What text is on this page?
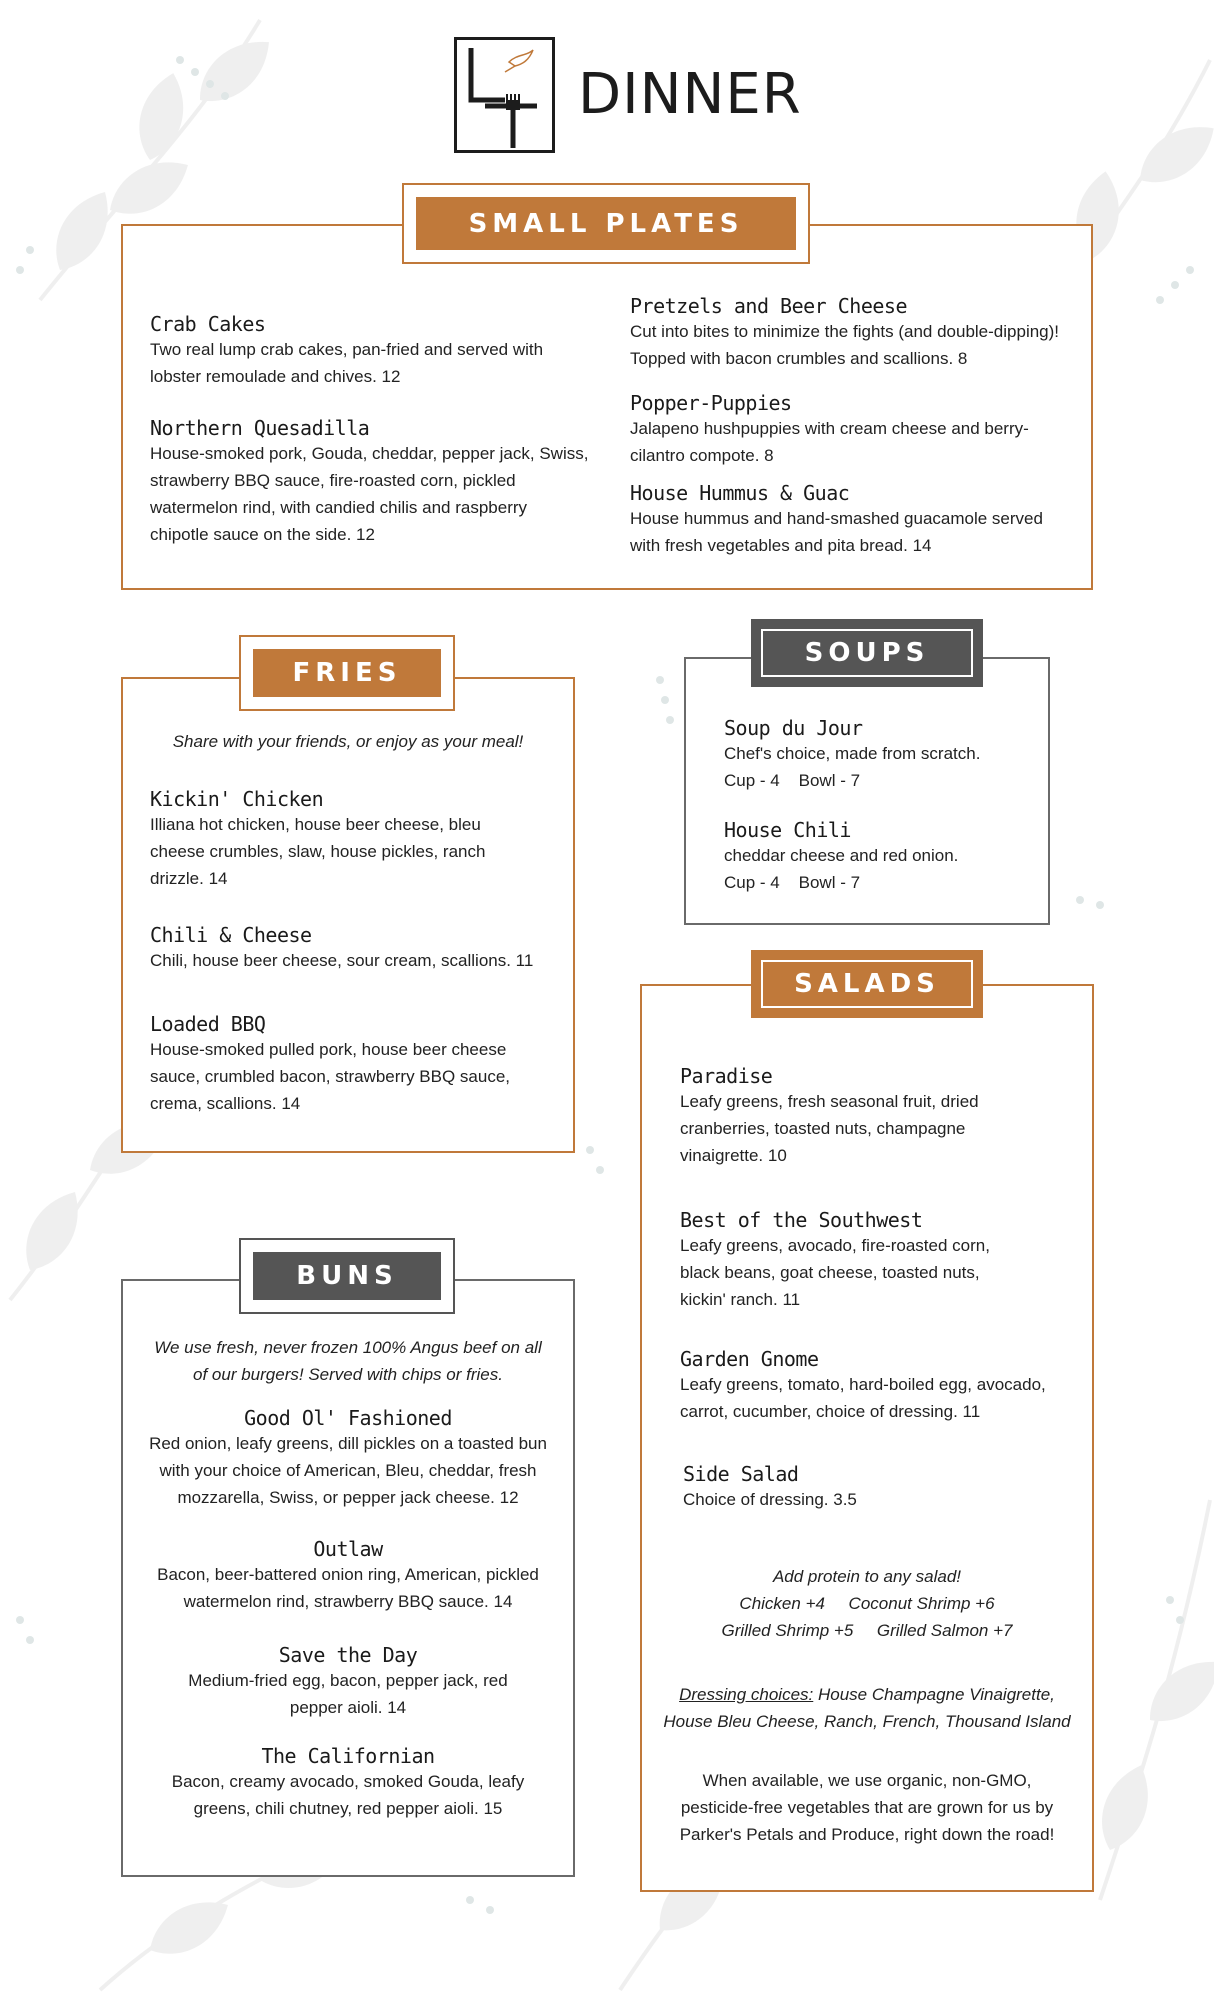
DINNER
SMALL PLATES
Crab Cakes
Two real lump crab cakes, pan-fried and served with lobster remoulade and chives. 12
Northern Quesadilla
House-smoked pork, Gouda, cheddar, pepper jack, Swiss, strawberry BBQ sauce, fire-roasted corn, pickled watermelon rind, with candied chilis and raspberry chipotle sauce on the side. 12
Pretzels and Beer Cheese
Cut into bites to minimize the fights (and double-dipping)! Topped with bacon crumbles and scallions. 8
Popper-Puppies
Jalapeno hushpuppies with cream cheese and berry-cilantro compote. 8
House Hummus & Guac
House hummus and hand-smashed guacamole served with fresh vegetables and pita bread. 14
FRIES
Share with your friends, or enjoy as your meal!
Kickin' Chicken
Illiana hot chicken, house beer cheese, bleu cheese crumbles, slaw, house pickles, ranch drizzle. 14
Chili & Cheese
Chili, house beer cheese, sour cream, scallions. 11
Loaded BBQ
House-smoked pulled pork, house beer cheese sauce, crumbled bacon, strawberry BBQ sauce, crema, scallions. 14
SOUPS
Soup du Jour
Chef's choice, made from scratch.
Cup - 4    Bowl - 7
House Chili
cheddar cheese and red onion.
Cup - 4    Bowl - 7
SALADS
Paradise
Leafy greens, fresh seasonal fruit, dried cranberries, toasted nuts, champagne vinaigrette. 10
Best of the Southwest
Leafy greens, avocado, fire-roasted corn, black beans, goat cheese, toasted nuts, kickin' ranch. 11
Garden Gnome
Leafy greens, tomato, hard-boiled egg, avocado, carrot, cucumber, choice of dressing. 11
Side Salad
Choice of dressing. 3.5
Add protein to any salad!
Chicken +4     Coconut Shrimp +6
Grilled Shrimp +5     Grilled Salmon +7
Dressing choices: House Champagne Vinaigrette, House Bleu Cheese, Ranch, French, Thousand Island
When available, we use organic, non-GMO, pesticide-free vegetables that are grown for us by Parker's Petals and Produce, right down the road!
BUNS
We use fresh, never frozen 100% Angus beef on all of our burgers! Served with chips or fries.
Good Ol' Fashioned
Red onion, leafy greens, dill pickles on a toasted bun with your choice of American, Bleu, cheddar, fresh mozzarella, Swiss, or pepper jack cheese. 12
Outlaw
Bacon, beer-battered onion ring, American, pickled watermelon rind, strawberry BBQ sauce. 14
Save the Day
Medium-fried egg, bacon, pepper jack, red pepper aioli. 14
The Californian
Bacon, creamy avocado, smoked Gouda, leafy greens, chili chutney, red pepper aioli. 15
